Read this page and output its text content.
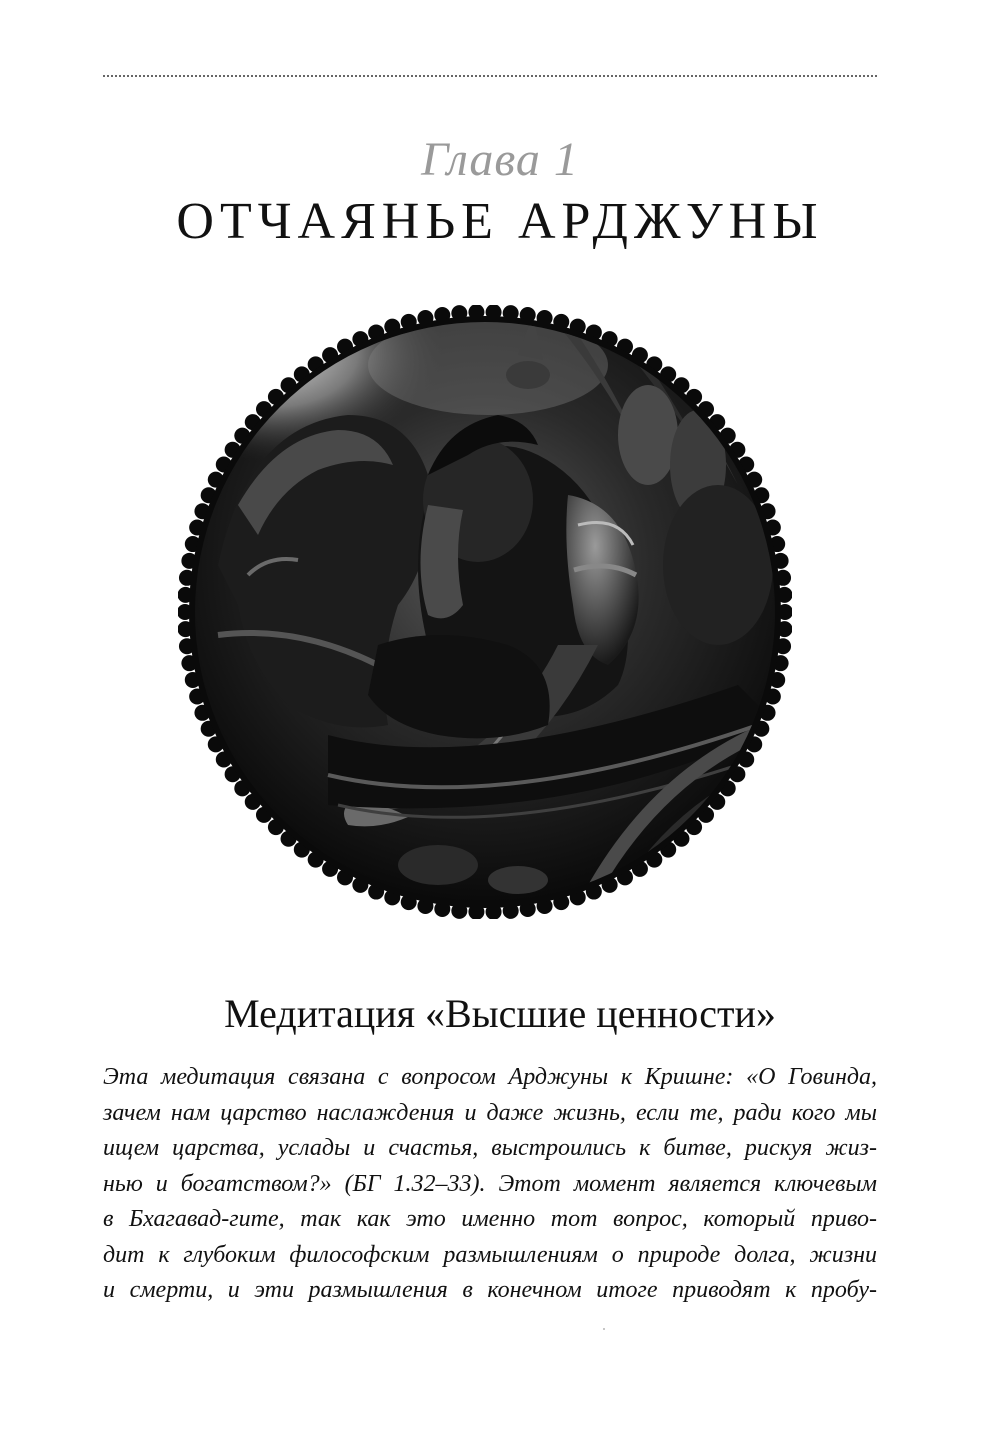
Глава 1
ОТЧАЯНЬЕ АРДЖУНЫ
Медитация «Высшие ценности»
Эта медитация связана с вопросом Арджуны к Кришне: «О Говинда,
зачем нам царство наслаждения и даже жизнь, если те, ради кого мы
ищем царства, услады и счастья, выстроились к битве, рискуя жиз-
нью и богатством?» (БГ 1.32–33). Этот момент является ключевым
в Бхагавад-гите, так как это именно тот вопрос, который приво-
дит к глубоким философским размышлениям о природе долга, жизни
и смерти, и эти размышления в конечном итоге приводят к пробу-
